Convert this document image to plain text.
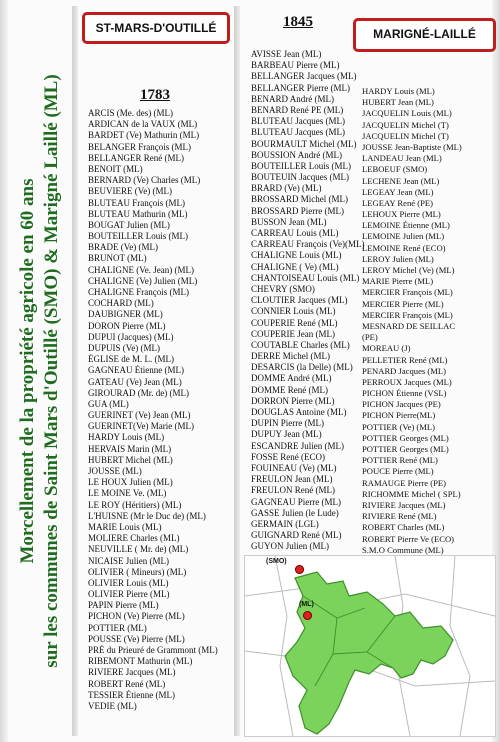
Morcellement de la propriété agricole en 60 ans sur les communes de Saint Mars d'Outillé (SMO) & Marigné Laillé (ML)
ST-MARS-D'OUTILLÉ	MARIGNÉ-LAILLÉ
1783
1845
ARCIS (Me. des) (ML)
ARDICAN de la VAUX (ML)
BARDET (Ve) Mathurin (ML)
BELANGER François (ML)
BELLANGER René (ML)
BENOIT (ML)
BERNARD (Ve) Charles (ML)
BEUVIERE (Ve) (ML)
BLUTEAU François (ML)
BLUTEAU Mathurin (ML)
BOUGAT Julien (ML)
BOUTEILLER Louis (ML)
BRADE (Ve) (ML)
BRUNOT (ML)
CHALIGNE (Ve. Jean) (ML)
CHALIGNE (Ve) Julien (ML)
CHALIGNE François (ML)
COCHARD (ML)
DAUBIGNER (ML)
DORON Pierre (ML)
DUPUI (Jacques) (ML)
DUPUIS (Ve) (ML)
ÉGLISE de M. L. (ML)
GAGNEAU Étienne (ML)
GATEAU (Ve) Jean (ML)
GIROURAD (Mr. de) (ML)
GUA (ML)
GUERINET (Ve) Jean (ML)
GUERINET(Ve) Marie (ML)
HARDY Louis (ML)
HERVAIS Marin (ML)
HUBERT Michel (ML)
JOUSSE (ML)
LE HOUX Julien (ML)
LE MOINE Ve. (ML)
LE ROY (Héritiers) (ML)
L'HUISNE (Mr le Duc de) (ML)
MARIE Louis (ML)
MOLIERE Charles (ML)
NEUVILLE ( Mr. de) (ML)
NICAISE Julien (ML)
OLIVIER ( Mineurs) (ML)
OLIVIER Louis (ML)
OLIVIER Pierre (ML)
PAPIN Pierre (ML)
PICHON (Ve) Pierre (ML)
POTTIER (ML)
POUSSE (Ve) Pierre (ML)
PRÉ du Prieuré de Grammont (ML)
RIBEMONT Mathurin (ML)
RIVIERE Jacques (ML)
ROBERT René (ML)
TESSIER Étienne (ML)
VEDIE (ML)
AVISSE Jean (ML)
BARBEAU Pierre (ML)
BELLANGER Jacques (ML)
BELLANGER Pierre (ML)
BENARD André (ML)
BENARD René PE (ML)
BLUTEAU Jacques (ML)
BLUTEAU Jacques (ML)
BOURMAULT Michel (ML)
BOUSSION André (ML)
BOUTEILLER Louis (ML)
BOUTEUIN Jacques (ML)
BRARD (Ve) (ML)
BROSSARD Michel (ML)
BROSSARD Pierre (ML)
BUSSON Jean (ML)
CARREAU Louis (ML)
CARREAU François (Ve)(ML)
CHALIGNE Louis (ML)
CHALIGNE ( Ve) (ML)
CHANTOISEAU Louis (ML)
CHEVRY (SMO)
CLOUTIER Jacques (ML)
CONNIER Louis (ML)
COUPERIE René (ML)
COUPERIE Jean (ML)
COUTABLE Charles (ML)
DERRE Michel (ML)
DESARCIS (la Delle) (ML)
DOMME André (ML)
DOMME René (ML)
DORRON Pierre (ML)
DOUGLAS Antoine (ML)
DUPIN Pierre (ML)
DUPUY Jean (ML)
ESCANDRE Julien (ML)
FOSSE René (ECO)
FOUINEAU (Ve) (ML)
FREULON Jean (ML)
FREULON René (ML)
GAGNEAU Pierre (ML)
GASSE Julien (le Lude)
GERMAIN (LGL)
GUIGNARD René (ML)
GUYON Julien (ML)
HARDY Louis (ML)
HUBERT Jean (ML)
JACQUELIN Louis (ML)
JACQUELIN Michel (T)
JACQUELIN Michel (T)
JOUSSE Jean-Baptiste (ML)
LANDEAU Jean (ML)
LEBOEUF (SMO)
LECHENE Jean (ML)
LEGEAY Jean (ML)
LEGEAY René (PE)
LEHOUX Pierre (ML)
LEMOINE Étienne (ML)
LEMOINE Julien (ML)
LEMOINE René (ECO)
LEROY Julien (ML)
LEROY Michel (Ve) (ML)
MARIE Pierre (ML)
MERCIER François (ML)
MERCIER Pierre (ML)
MERCIER François (ML)
MESNARD DE SEILLAC
(PE)
MOREAU (J)
PELLETIER René (ML)
PENARD Jacques (ML)
PERROUX Jacques (ML)
PICHON Étienne (VSL)
PICHON Jacques (PE)
PICHON Pierre(ML)
POTTIER (Ve) (ML)
POTTIER Georges (ML)
POTTIER Georges (ML)
POTTIER René (ML)
POUCE Pierre (ML)
RAMAUGE Pierre (PE)
RICHOMME Michel ( SPL)
RIVIERE Jacques (ML)
RIVIERE René (ML)
ROBERT Charles (ML)
ROBERT Pierre Ve (ECO)
S.M.O Commune (ML)
(SMO)
(ML)
